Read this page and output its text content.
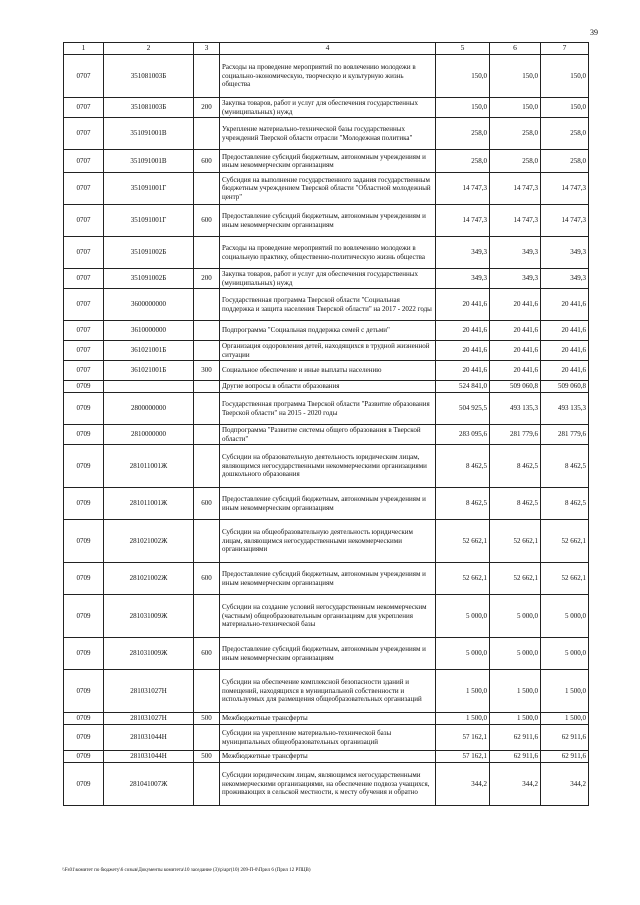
39
1	2	3	4	5	6	7
0707	351081003Б		Расходы на проведение мероприятий по вовлечению молодежи в социально-экономическую, творческую и культурную жизнь общества	150,0	150,0	150,0
0707	351081003Б	200	Закупка товаров, работ и услуг для обеспечения государственных (муниципальных) нужд	150,0	150,0	150,0
0707	351091001В		Укрепление материально-технической базы государственных учреждений Тверской области отрасли "Молодежная политика"	258,0	258,0	258,0
0707	351091001В	600	Предоставление субсидий бюджетным, автономным учреждениям и иным некоммерческим организациям	258,0	258,0	258,0
0707	351091001Г		Субсидия на выполнение государственного задания государственным бюджетным учреждением Тверской области "Областной молодежный центр"	14 747,3	14 747,3	14 747,3
0707	351091001Г	600	Предоставление субсидий бюджетным, автономным учреждениям и иным некоммерческим организациям	14 747,3	14 747,3	14 747,3
0707	351091002Б		Расходы на проведение мероприятий по вовлечению молодежи в социальную практику, общественно-политическую жизнь общества	349,3	349,3	349,3
0707	351091002Б	200	Закупка товаров, работ и услуг для обеспечения государственных (муниципальных) нужд	349,3	349,3	349,3
0707	3600000000		Государственная программа Тверской области "Социальная поддержка и защита населения Тверской области" на 2017 - 2022 годы	20 441,6	20 441,6	20 441,6
0707	3610000000		Подпрограмма "Социальная поддержка семей с детьми"	20 441,6	20 441,6	20 441,6
0707	361021001Б		Организация оздоровления детей, находящихся в трудной жизненной ситуации	20 441,6	20 441,6	20 441,6
0707	361021001Б	300	Социальное обеспечение и иные выплаты населению	20 441,6	20 441,6	20 441,6
0709			Другие вопросы в области образования	524 841,0	509 060,8	509 060,8
0709	2800000000		Государственная программа Тверской области "Развитие образования Тверской области" на 2015 - 2020 годы	504 925,5	493 135,3	493 135,3
0709	2810000000		Подпрограмма "Развитие системы общего образования в Тверской области"	283 095,6	281 779,6	281 779,6
0709	281011001Ж		Субсидии на образовательную деятельность юридическим лицам, являющимся негосударственными некоммерческими организациями дошкольного образования	8 462,5	8 462,5	8 462,5
0709	281011001Ж	600	Предоставление субсидий бюджетным, автономным учреждениям и иным некоммерческим организациям	8 462,5	8 462,5	8 462,5
0709	281021002Ж		Субсидии на общеобразовательную деятельность юридическим лицам, являющимся негосударственными некоммерческими организациями	52 662,1	52 662,1	52 662,1
0709	281021002Ж	600	Предоставление субсидий бюджетным, автономным учреждениям и иным некоммерческим организациям	52 662,1	52 662,1	52 662,1
0709	281031009Ж		Субсидии на создание условий негосударственным некоммерческим (частным) общеобразовательным организациям для укрепления материально-технической базы	5 000,0	5 000,0	5 000,0
0709	281031009Ж	600	Предоставление субсидий бюджетным, автономным учреждениям и иным некоммерческим организациям	5 000,0	5 000,0	5 000,0
0709	281031027Н		Субсидии на обеспечение комплексной безопасности зданий и помещений, находящихся в муниципальной собственности и используемых для размещения общеобразовательных организаций	1 500,0	1 500,0	1 500,0
0709	281031027Н	500	Межбюджетные трансферты	1 500,0	1 500,0	1 500,0
0709	281031044Н		Субсидии на укрепление материально-технической базы муниципальных общеобразовательных организаций	57 162,1	62 911,6	62 911,6
0709	281031044Н	500	Межбюджетные трансферты	57 162,1	62 911,6	62 911,6
0709	281041007Ж		Субсидии юридическим лицам, являющимся негосударственными некоммерческими организациями, на обеспечение подвоза учащихся, проживающих в сельской местности, к месту обучения и обратно	344,2	344,2	344,2
\\Fs01\комитет по бюджету\6 созыв\Документы комитета\10 заседание (3)\р\арг(10) 209-П-0\Прил 6 (Прил 12 РПЦВ)
